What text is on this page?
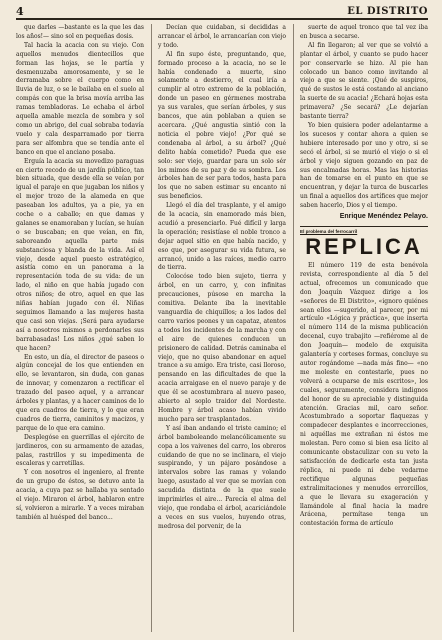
4	EL DISTRITO

que darles —bastante es la que les das los años!— sino sol en pequeñas dosis.

Tal hacía la acacia con su viejo. Con aquellos menudos dientecillos que forman las hojas, se le partía y desmenuzaba amorosamente, y se le derramaba sobre el cuerpo como en lluvia de luz, o se le bailaba en el suelo al compás con que la brisa movía arriba las ramas tembladoras. Le echaba el árbol aquella amable mezcla de sombra y sol como un abrigo, del cual sobraba todavía vuelo y cala desparramado por tierra para ser alfombra que se tendía ante el banco en que el anciano posaba.

Erguía la acacia su movedizo paraguas en cierto recodo de un jardín público, tan bien situada, que desde ella se veían por igual el paraje en que jugaban los niños y el mejor trozo de la alameda en que paseaban los adultos, ya a pie, ya en coche o a caballo; en que damas y galanes se enamoraban y lucían, se huían o se buscaban; en que veían, en fin, saboreando aquella parte más substanciosa y blanda de la vida. Así el viejo, desde aquel puesto estratégico, asistía como en un panorama a la representación toda de su vida: de un lado, el niño en que había jugado con otros niños; de otro, aquel en que las niñas habían jugado con él. Niñas seguimos llamando a las mujeres hasta que casi son viejas. ¡Será para ayudarse así a nosotros mismos a perdonarles sus barrabasadas! Los niños ¿qué saben lo que hacen?

En esto, un día, el director de paseos o algún concejal de los que entienden en ello, se levantaron, sin duda, con ganas de innovar, y comenzaron a rectificar el trazado del paseo aquel, y a arrancar árboles y plantas, y a hacer caminos de lo que era cuadros de tierra, y lo que eran cuadros de tierra, caminitos y macizos, y parque de lo que era camino.

Desplegóse en guerrillas el ejército de jardineros, con su armamento de azadas, palas, rastrillos y su impedimenta de escaleras y carretillas.

Y con nosotros el ingeniero, al frente de un grupo de éstos, se detuvo ante la acacia, a cuya paz se hallaba ya sentado el viejo. Miraron el árbol, hablaron entre sí, volvieron a mirarle. Y a veces miraban también al huésped del banco...

Decían que cuidaban, si decididas a arrancar el árbol, le arrancarían con viejo y todo.

Al fin supo éste, preguntando, que, formado proceso a la acacia, no se le había condenado a muerte, sino solamente a destierro, el cual iría a cumplir al otro extremo de la población, donde un paseo en gérmenes mostraba ya sus varales, que serían árboles, y sus bancos, que aún poblaban a quien se acercara. ¿Qué angustia sintió con la noticia el pobre viejo! ¿Por qué se condenaba al árbol, a su árbol? ¿Qué delito había cometido? Pueda que ese solo: ser viejo, guardar para un solo sér los mimos de su paz y de su sombra. Los árboles han de ser para todos, hasta para los que no saben estimar su encanto ni sus beneficios.

Llegó el día del trasplante, y el amigo de la acacia, sin enamorado más bien, acudió a presenciarlo. Fué difícil y larga la operación; resistíase el noble tronco a dejar aquel sitio en que había nacido, y eso que, por asegurar su vida futura, se arrancó, unido a las raíces, medio carro de tierra.

Colocóse todo bien sujeto, tierra y árbol, en un carro, y, con infinitas precauciones, púsose en marcha la comitiva. Delante iba la inevitable vanguardia de chiquillos; a los lados del carro varios peones y un capataz, atentos a todos los incidentes de la marcha y con el aire de quienes conducen un prisionero de calidad. Detrás caminaba el viejo, que no quiso abandonar en aquel trance a su amigo. Era triste, casi lloroso, pensando en las dificultades de que la acacia arraigase en el nuevo paraje y de que él se acostumbrara al nuevo paseo, abierto al soplo traidor del Nordeste. Hombre y árbol acaso habían vivido mucho para ser trasplantados.

Y así iban andando el triste camino; el árbol bamboleando melancólicamente su copa a los vaivenes del carro, los obreros cuidando de que no se inclinara, el viejo suspirando, y un pájaro posándose a intervalos sobre las ramas y volando luego, asustado al ver que se movían con sacudida distinta de la que suele imprimirles el aire... Parecía el alma del viejo, que rondaba el árbol, acariciándole a veces en sus vuelos, huyendo otras, medrosa del porvenir, de la

suerte de aquel tronco que tal vez iba en busca a secarse.

Al fin llegaron; al ver que se volvió a plantar el árbol, y cuanto se pudo hacer por conservarle se hizo. Al pie han colocado un banco como invitando al viejo a que se siente. ¡Qué de suspiros, qué de sustos le está costando al anciano la suerte de su acacia! ¿Echará hojas esta primavera? ¿Se secará? ¿Le dejarían bastante tierra?

Yo bien quisiera poder adelantarme a los sucesos y contar ahora a quien se hubiere interesado por uno y otro, si se secó el árbol, si se murió el viejo o si el árbol y viejo siguen gozando en paz de sus encalmadas horas. Mas las historias han de tomarse en el punto en que se encuentran, y dejar la turca de buscarles un final a aquellos dos artífices que mejor saben hacerlo, Dios y el tiempo.

Enrique Menéndez Pelayo.
El problema del ferrocarril
REPLICA

El número 119 de esta benévola revista, correspondiente al día 5 del actual, ofrecemos un comunicado que don Joaquín Vázquez dirige a los «señores de El Distrito», «ignoro quiénes sean ellos —sugerido, al parecer, por mi artículo «Lógica y práctica», que inserta el número 114 de la misma publicación decenal, cuyo trabajito —refiérome al de don Joaquín— modelo de exquisita galantería y corteses formas, concluye su autor rogándome —nada más fino— «no me moleste en contestarle, pues no volverá a ocuparse de mis escritos», los cuales, seguramente, considera indignos del honor de su apreciable y distinguida atención. Gracias mil, caro señor. Acostumbrado a soportar flaquezas y compadecer desplantes e incorrecciones, ni aquéllas me extrañan ni éstos me molestan. Pero como si bien esa lícito al comunicante obstaculizar con su veto la satisfacción de dedicarle esta tan justa réplica, ni puede ni debe vedarme rectifique algunas pequeñas extralimitaciones y menudos errorcillos, a que le llevara su exageración y llamándole al final hacia la madre Arácena, permítase tenga un contestación forma de artículo
